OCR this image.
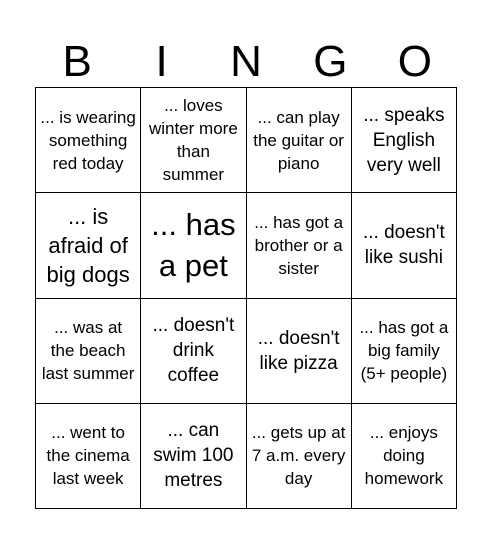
B	I	N	G	O
... is wearing something red today
... loves winter more than summer
... can play the guitar or piano
... speaks English very well
... is afraid of big dogs
... has a pet
... has got a brother or a sister
... doesn't like sushi
... was at the beach last summer
... doesn't drink coffee
... doesn't like pizza
... has got a big family (5+ people)
... went to the cinema last week
... can swim 100 metres
... gets up at 7 a.m. every day
... enjoys doing homework
